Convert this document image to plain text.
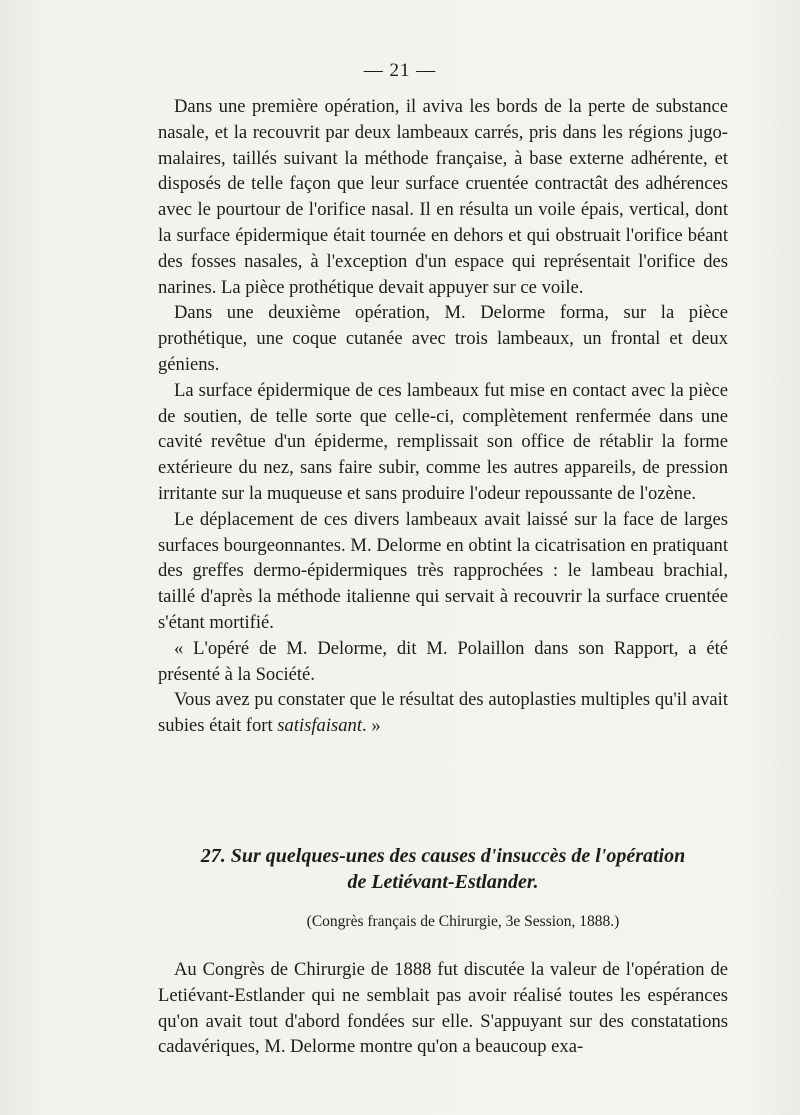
— 21 —

Dans une première opération, il aviva les bords de la perte de substance nasale, et la recouvrit par deux lambeaux carrés, pris dans les régions jugo-malaires, taillés suivant la méthode française, à base externe adhérente, et disposés de telle façon que leur surface cruentée contractât des adhérences avec le pourtour de l'orifice nasal. Il en résulta un voile épais, vertical, dont la surface épidermique était tournée en dehors et qui obstruait l'orifice béant des fosses nasales, à l'exception d'un espace qui représentait l'orifice des narines. La pièce prothétique devait appuyer sur ce voile.

Dans une deuxième opération, M. Delorme forma, sur la pièce prothétique, une coque cutanée avec trois lambeaux, un frontal et deux géniens.

La surface épidermique de ces lambeaux fut mise en contact avec la pièce de soutien, de telle sorte que celle-ci, complètement renfermée dans une cavité revêtue d'un épiderme, remplissait son office de rétablir la forme extérieure du nez, sans faire subir, comme les autres appareils, de pression irritante sur la muqueuse et sans produire l'odeur repoussante de l'ozène.

Le déplacement de ces divers lambeaux avait laissé sur la face de larges surfaces bourgeonnantes. M. Delorme en obtint la cicatrisation en pratiquant des greffes dermo-épidermiques très rapprochées : le lambeau brachial, taillé d'après la méthode italienne qui servait à recouvrir la surface cruentée s'étant mortifié.

« L'opéré de M. Delorme, dit M. Polaillon dans son Rapport, a été présenté à la Société.

Vous avez pu constater que le résultat des autoplasties multiples qu'il avait subies était fort satisfaisant. »

27. Sur quelques-unes des causes d'insuccès de l'opération
de Letiévant-Estlander.

(Congrès français de Chirurgie, 3e Session, 1888.)

Au Congrès de Chirurgie de 1888 fut discutée la valeur de l'opération de Letiévant-Estlander qui ne semblait pas avoir réalisé toutes les espérances qu'on avait tout d'abord fondées sur elle. S'appuyant sur des constatations cadavériques, M. Delorme montre qu'on a beaucoup exa-
